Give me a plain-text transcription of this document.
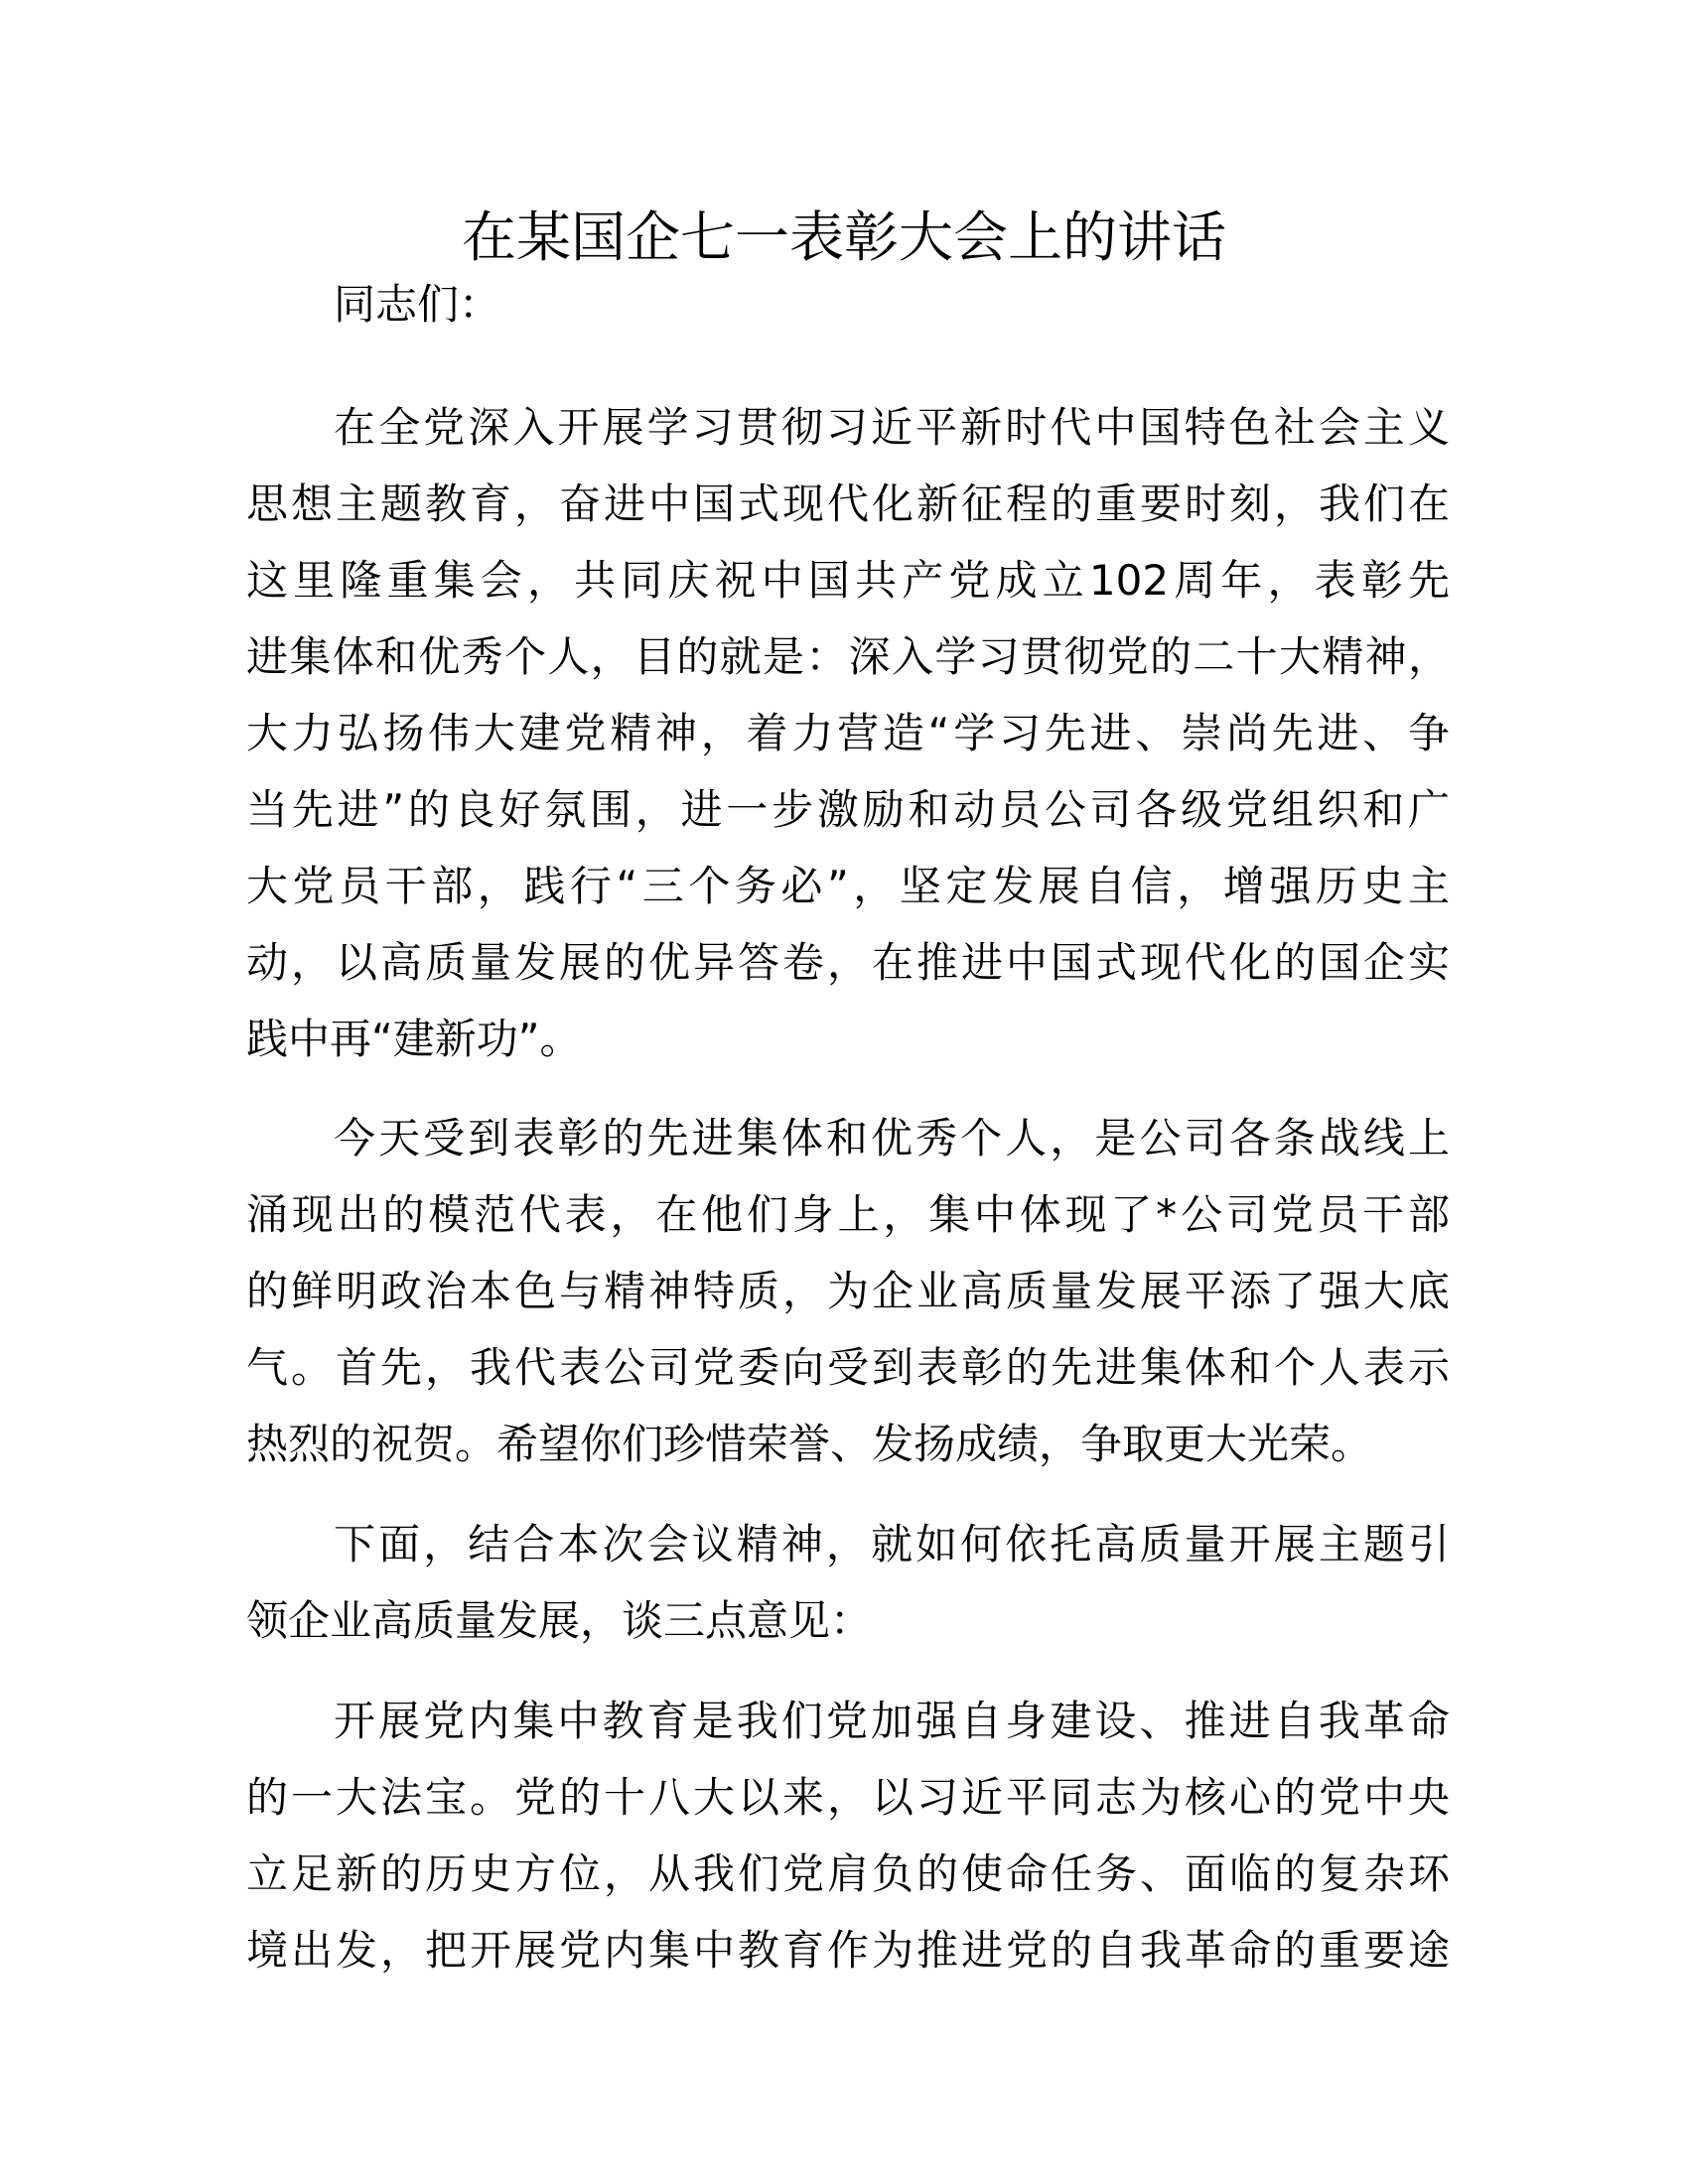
在某国企七一表彰大会上的讲话

同志们：

在全党深入开展学习贯彻习近平新时代中国特色社会主义
思想主题教育，奋进中国式现代化新征程的重要时刻，我们在
这里隆重集会，共同庆祝中国共产党成立102周年，表彰先
进集体和优秀个人，目的就是：深入学习贯彻党的二十大精神，
大力弘扬伟大建党精神，着力营造“学习先进、崇尚先进、争
当先进”的良好氛围，进一步激励和动员公司各级党组织和广
大党员干部，践行“三个务必”，坚定发展自信，增强历史主
动，以高质量发展的优异答卷，在推进中国式现代化的国企实
践中再“建新功”。

今天受到表彰的先进集体和优秀个人，是公司各条战线上
涌现出的模范代表，在他们身上，集中体现了*公司党员干部
的鲜明政治本色与精神特质，为企业高质量发展平添了强大底
气。首先，我代表公司党委向受到表彰的先进集体和个人表示
热烈的祝贺。希望你们珍惜荣誉、发扬成绩，争取更大光荣。

下面，结合本次会议精神，就如何依托高质量开展主题引
领企业高质量发展，谈三点意见：

开展党内集中教育是我们党加强自身建设、推进自我革命
的一大法宝。党的十八大以来，以习近平同志为核心的党中央
立足新的历史方位，从我们党肩负的使命任务、面临的复杂环
境出发，把开展党内集中教育作为推进党的自我革命的重要途
